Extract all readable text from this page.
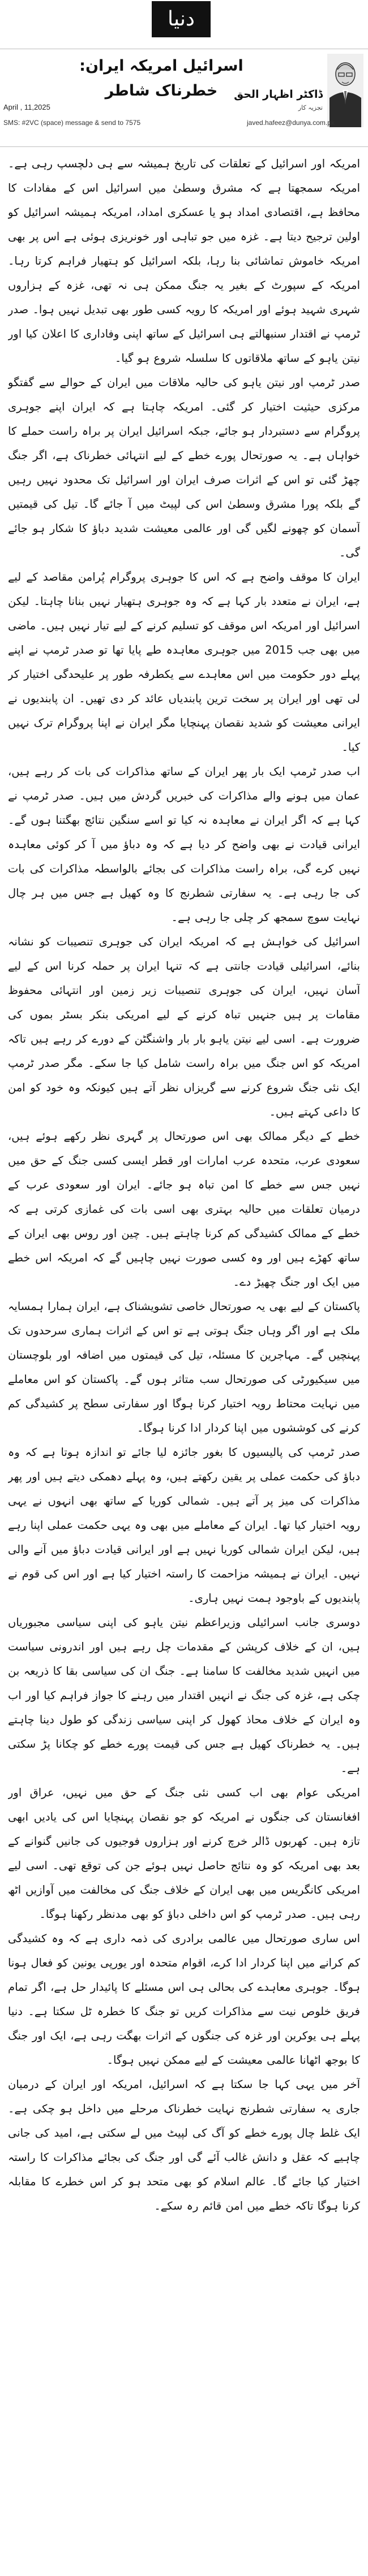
دنیا
اسرائیل امریکہ ایران: خطرناک شاطر
April , 11,2025
ڈاکٹر اظہار الحق
تجزیہ کار
SMS: #2VC (space) message & send to 7575	javed.hafeez@dunya.com.pk

امریکہ اور اسرائیل کے تعلقات کی تاریخ ہمیشہ سے ہی دلچسپ رہی ہے۔ امریکہ سمجھتا ہے کہ مشرق وسطیٰ میں اسرائیل اس کے مفادات کا محافظ ہے، اقتصادی امداد ہو یا عسکری امداد، امریکہ ہمیشہ اسرائیل کو اولین ترجیح دیتا ہے۔ غزہ میں جو تباہی اور خونریزی ہوئی ہے اس پر بھی امریکہ خاموش تماشائی بنا رہا، بلکہ اسرائیل کو ہتھیار فراہم کرتا رہا۔ امریکہ کے سپورٹ کے بغیر یہ جنگ ممکن ہی نہ تھی، غزہ کے ہزاروں شہری شہید ہوئے اور امریکہ کا رویہ کسی طور بھی تبدیل نہیں ہوا۔ صدر ٹرمپ نے اقتدار سنبھالتے ہی اسرائیل کے ساتھ اپنی وفاداری کا اعلان کیا اور نیتن یاہو کے ساتھ ملاقاتوں کا سلسلہ شروع ہو گیا۔

صدر ٹرمپ اور نیتن یاہو کی حالیہ ملاقات میں ایران کے حوالے سے گفتگو مرکزی حیثیت اختیار کر گئی۔ امریکہ چاہتا ہے کہ ایران اپنے جوہری پروگرام سے دستبردار ہو جائے، جبکہ اسرائیل ایران پر براہ راست حملے کا خواہاں ہے۔ یہ صورتحال پورے خطے کے لیے انتہائی خطرناک ہے، اگر جنگ چھڑ گئی تو اس کے اثرات صرف ایران اور اسرائیل تک محدود نہیں رہیں گے بلکہ پورا مشرق وسطیٰ اس کی لپیٹ میں آ جائے گا۔ تیل کی قیمتیں آسمان کو چھونے لگیں گی اور عالمی معیشت شدید دباؤ کا شکار ہو جائے گی۔

ایران کا موقف واضح ہے کہ اس کا جوہری پروگرام پُرامن مقاصد کے لیے ہے، ایران نے متعدد بار کہا ہے کہ وہ جوہری ہتھیار نہیں بنانا چاہتا۔ لیکن اسرائیل اور امریکہ اس موقف کو تسلیم کرنے کے لیے تیار نہیں ہیں۔ ماضی میں بھی جب 2015 میں جوہری معاہدہ طے پایا تھا تو صدر ٹرمپ نے اپنے پہلے دور حکومت میں اس معاہدے سے یکطرفہ طور پر علیحدگی اختیار کر لی تھی اور ایران پر سخت ترین پابندیاں عائد کر دی تھیں۔ ان پابندیوں نے ایرانی معیشت کو شدید نقصان پہنچایا مگر ایران نے اپنا پروگرام ترک نہیں کیا۔

اب صدر ٹرمپ ایک بار پھر ایران کے ساتھ مذاکرات کی بات کر رہے ہیں، عمان میں ہونے والے مذاکرات کی خبریں گردش میں ہیں۔ صدر ٹرمپ نے کہا ہے کہ اگر ایران نے معاہدہ نہ کیا تو اسے سنگین نتائج بھگتنا ہوں گے۔ ایرانی قیادت نے بھی واضح کر دیا ہے کہ وہ دباؤ میں آ کر کوئی معاہدہ نہیں کرے گی، براہ راست مذاکرات کی بجائے بالواسطہ مذاکرات کی بات کی جا رہی ہے۔ یہ سفارتی شطرنج کا وہ کھیل ہے جس میں ہر چال نہایت سوچ سمجھ کر چلی جا رہی ہے۔

اسرائیل کی خواہش ہے کہ امریکہ ایران کی جوہری تنصیبات کو نشانہ بنائے، اسرائیلی قیادت جانتی ہے کہ تنہا ایران پر حملہ کرنا اس کے لیے آسان نہیں، ایران کی جوہری تنصیبات زیر زمین اور انتہائی محفوظ مقامات پر ہیں جنہیں تباہ کرنے کے لیے امریکی بنکر بسٹر بموں کی ضرورت ہے۔ اسی لیے نیتن یاہو بار بار واشنگٹن کے دورے کر رہے ہیں تاکہ امریکہ کو اس جنگ میں براہ راست شامل کیا جا سکے۔ مگر صدر ٹرمپ ایک نئی جنگ شروع کرنے سے گریزاں نظر آتے ہیں کیونکہ وہ خود کو امن کا داعی کہتے ہیں۔

خطے کے دیگر ممالک بھی اس صورتحال پر گہری نظر رکھے ہوئے ہیں، سعودی عرب، متحدہ عرب امارات اور قطر ایسی کسی جنگ کے حق میں نہیں جس سے خطے کا امن تباہ ہو جائے۔ ایران اور سعودی عرب کے درمیان تعلقات میں حالیہ بہتری بھی اسی بات کی غمازی کرتی ہے کہ خطے کے ممالک کشیدگی کم کرنا چاہتے ہیں۔ چین اور روس بھی ایران کے ساتھ کھڑے ہیں اور وہ کسی صورت نہیں چاہیں گے کہ امریکہ اس خطے میں ایک اور جنگ چھیڑ دے۔

پاکستان کے لیے بھی یہ صورتحال خاصی تشویشناک ہے، ایران ہمارا ہمسایہ ملک ہے اور اگر وہاں جنگ ہوتی ہے تو اس کے اثرات ہماری سرحدوں تک پہنچیں گے۔ مہاجرین کا مسئلہ، تیل کی قیمتوں میں اضافہ اور بلوچستان میں سیکیورٹی کی صورتحال سب متاثر ہوں گے۔ پاکستان کو اس معاملے میں نہایت محتاط رویہ اختیار کرنا ہوگا اور سفارتی سطح پر کشیدگی کم کرنے کی کوششوں میں اپنا کردار ادا کرنا ہوگا۔

صدر ٹرمپ کی پالیسیوں کا بغور جائزہ لیا جائے تو اندازہ ہوتا ہے کہ وہ دباؤ کی حکمت عملی پر یقین رکھتے ہیں، وہ پہلے دھمکی دیتے ہیں اور پھر مذاکرات کی میز پر آتے ہیں۔ شمالی کوریا کے ساتھ بھی انہوں نے یہی رویہ اختیار کیا تھا۔ ایران کے معاملے میں بھی وہ یہی حکمت عملی اپنا رہے ہیں، لیکن ایران شمالی کوریا نہیں ہے اور ایرانی قیادت دباؤ میں آنے والی نہیں۔ ایران نے ہمیشہ مزاحمت کا راستہ اختیار کیا ہے اور اس کی قوم نے پابندیوں کے باوجود ہمت نہیں ہاری۔

دوسری جانب اسرائیلی وزیراعظم نیتن یاہو کی اپنی سیاسی مجبوریاں ہیں، ان کے خلاف کرپشن کے مقدمات چل رہے ہیں اور اندرونی سیاست میں انہیں شدید مخالفت کا سامنا ہے۔ جنگ ان کی سیاسی بقا کا ذریعہ بن چکی ہے، غزہ کی جنگ نے انہیں اقتدار میں رہنے کا جواز فراہم کیا اور اب وہ ایران کے خلاف محاذ کھول کر اپنی سیاسی زندگی کو طول دینا چاہتے ہیں۔ یہ خطرناک کھیل ہے جس کی قیمت پورے خطے کو چکانا پڑ سکتی ہے۔

امریکی عوام بھی اب کسی نئی جنگ کے حق میں نہیں، عراق اور افغانستان کی جنگوں نے امریکہ کو جو نقصان پہنچایا اس کی یادیں ابھی تازہ ہیں۔ کھربوں ڈالر خرچ کرنے اور ہزاروں فوجیوں کی جانیں گنوانے کے بعد بھی امریکہ کو وہ نتائج حاصل نہیں ہوئے جن کی توقع تھی۔ اسی لیے امریکی کانگریس میں بھی ایران کے خلاف جنگ کی مخالفت میں آوازیں اٹھ رہی ہیں۔ صدر ٹرمپ کو اس داخلی دباؤ کو بھی مدنظر رکھنا ہوگا۔

اس ساری صورتحال میں عالمی برادری کی ذمہ داری ہے کہ وہ کشیدگی کم کرانے میں اپنا کردار ادا کرے، اقوام متحدہ اور یورپی یونین کو فعال ہونا ہوگا۔ جوہری معاہدے کی بحالی ہی اس مسئلے کا پائیدار حل ہے، اگر تمام فریق خلوص نیت سے مذاکرات کریں تو جنگ کا خطرہ ٹل سکتا ہے۔ دنیا پہلے ہی یوکرین اور غزہ کی جنگوں کے اثرات بھگت رہی ہے، ایک اور جنگ کا بوجھ اٹھانا عالمی معیشت کے لیے ممکن نہیں ہوگا۔

آخر میں یہی کہا جا سکتا ہے کہ اسرائیل، امریکہ اور ایران کے درمیان جاری یہ سفارتی شطرنج نہایت خطرناک مرحلے میں داخل ہو چکی ہے۔ ایک غلط چال پورے خطے کو آگ کی لپیٹ میں لے سکتی ہے، امید کی جانی چاہیے کہ عقل و دانش غالب آئے گی اور جنگ کی بجائے مذاکرات کا راستہ اختیار کیا جائے گا۔ عالم اسلام کو بھی متحد ہو کر اس خطرے کا مقابلہ کرنا ہوگا تاکہ خطے میں امن قائم رہ سکے۔
